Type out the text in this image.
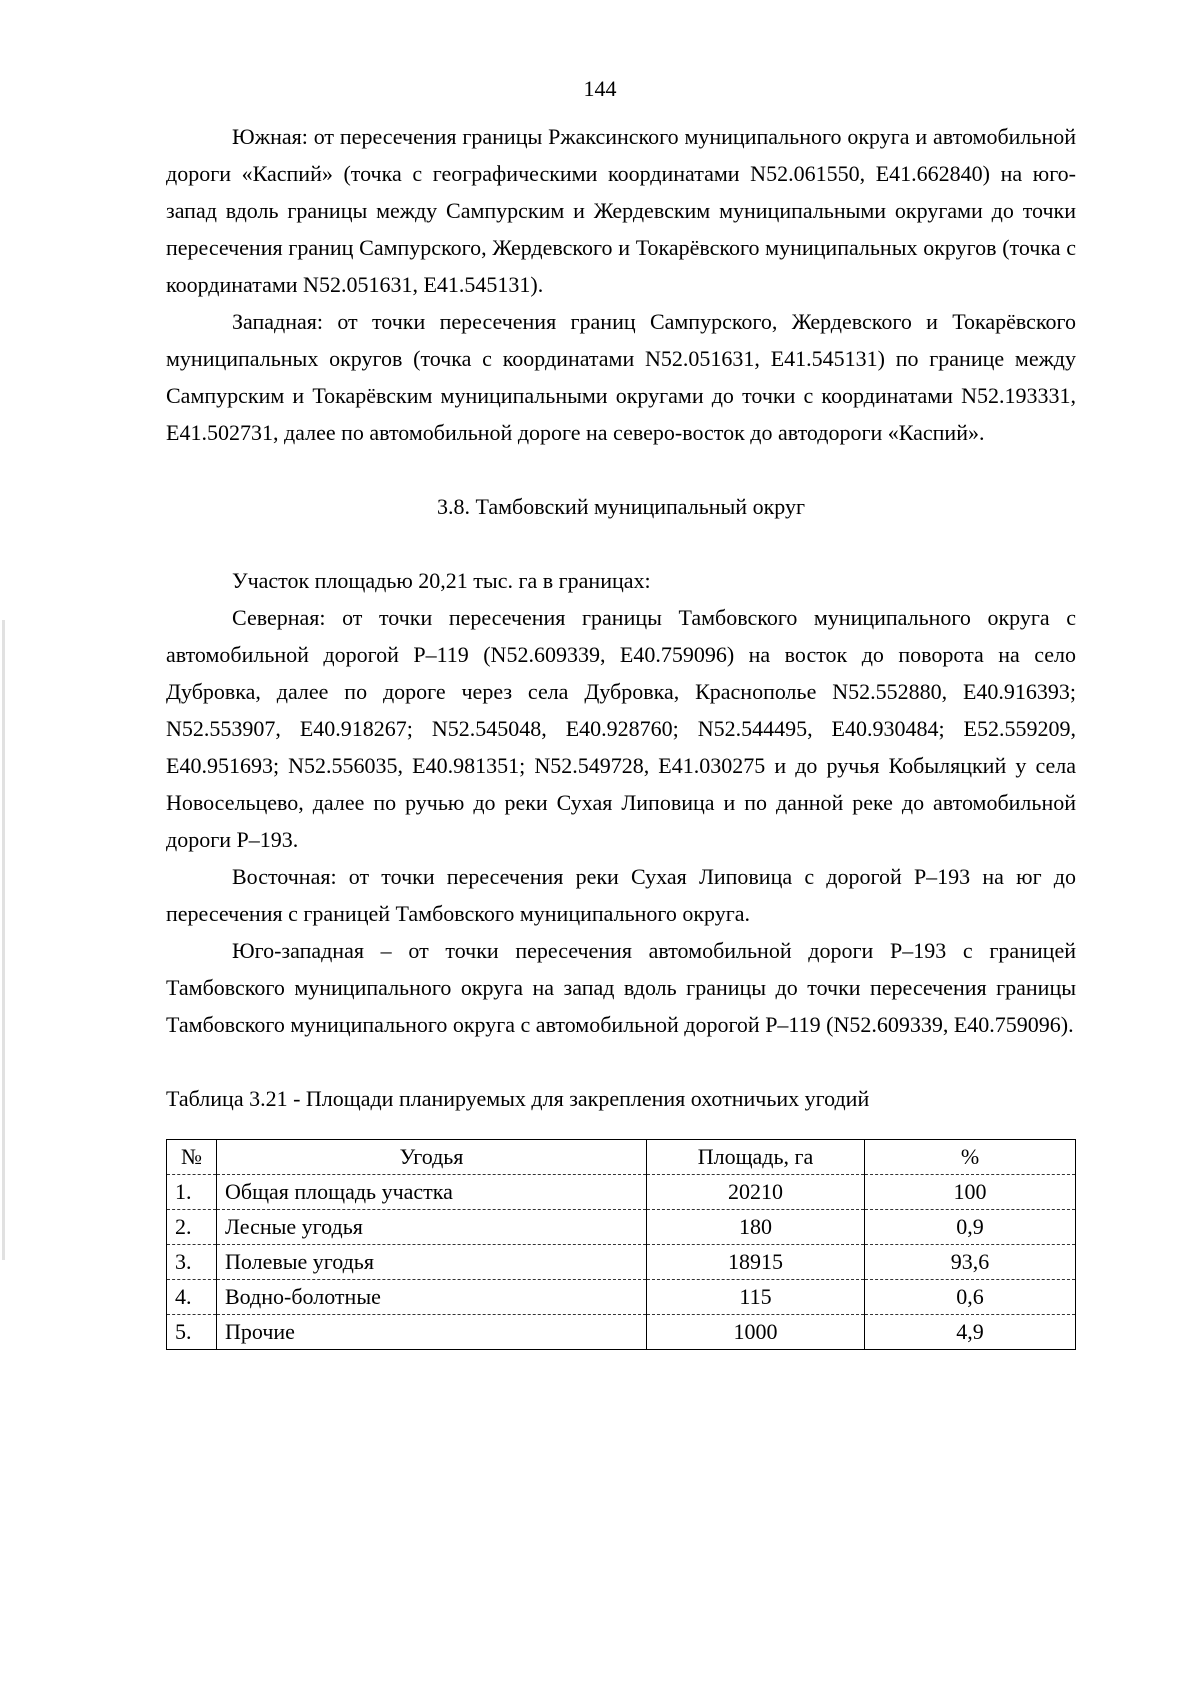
144

Южная: от пересечения границы Ржаксинского муниципального округа и автомобильной дороги «Каспий» (точка с географическими координатами N52.061550, E41.662840) на юго-запад вдоль границы между Сампурским и Жердевским муниципальными округами до точки пересечения границ Сампурского, Жердевского и Токарёвского муниципальных округов (точка с координатами N52.051631, E41.545131).

Западная: от точки пересечения границ Сампурского, Жердевского и Токарёвского муниципальных округов (точка с координатами N52.051631, E41.545131) по границе между Сампурским и Токарёвским муниципальными округами до точки с координатами N52.193331, E41.502731, далее по автомобильной дороге на северо-восток до автодороги «Каспий».

3.8. Тамбовский муниципальный округ

Участок площадью 20,21 тыс. га в границах:

Северная: от точки пересечения границы Тамбовского муниципального округа с автомобильной дорогой Р–119 (N52.609339, E40.759096) на восток до поворота на село Дубровка, далее по дороге через села Дубровка, Краснополье N52.552880, E40.916393; N52.553907, E40.918267; N52.545048, E40.928760; N52.544495, E40.930484; E52.559209, E40.951693; N52.556035, E40.981351; N52.549728, E41.030275 и до ручья Кобыляцкий у села Новосельцево, далее по ручью до реки Сухая Липовица и по данной реке до автомобильной дороги Р–193.

Восточная: от точки пересечения реки Сухая Липовица с дорогой Р–193 на юг до пересечения с границей Тамбовского муниципального округа.

Юго-западная – от точки пересечения автомобильной дороги Р–193 с границей Тамбовского муниципального округа на запад вдоль границы до точки пересечения границы Тамбовского муниципального округа с автомобильной дорогой Р–119 (N52.609339, E40.759096).

Таблица 3.21 - Площади планируемых для закрепления охотничьих угодий

№	Угодья	Площадь, га	%
1.	Общая площадь участка	20210	100
2.	Лесные угодья	180	0,9
3.	Полевые угодья	18915	93,6
4.	Водно-болотные	115	0,6
5.	Прочие	1000	4,9
